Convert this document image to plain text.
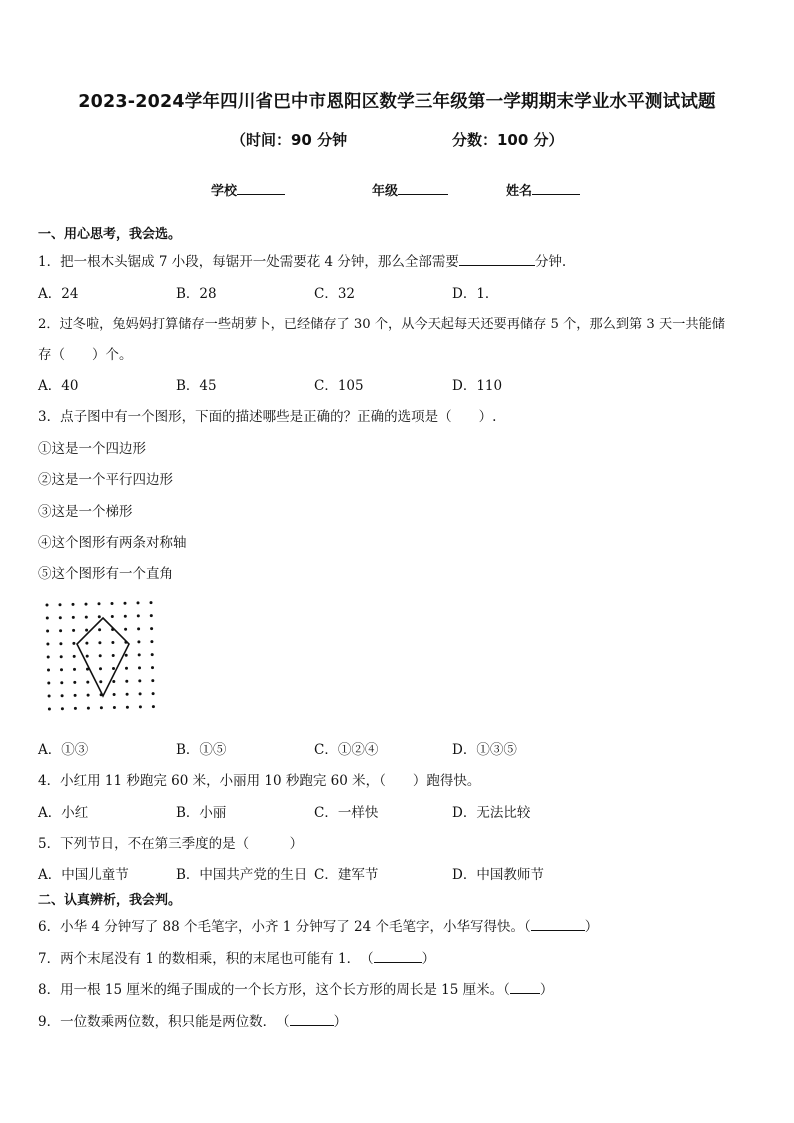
2023-2024学年四川省巴中市恩阳区数学三年级第一学期期末学业水平测试试题
（时间：90 分钟	分数：100 分）
学校	年级	姓名
一、用心思考，我会选。
1．把一根木头锯成 7 小段，每锯开一处需要花 4 分钟，那么全部需要	分钟.
A．24	B．28	C．32	D．1．
2．过冬啦，兔妈妈打算储存一些胡萝卜，已经储存了 30 个，从今天起每天还要再储存 5 个，那么到第 3 天一共能储
存（　　）个。
A．40	B．45	C．105	D．110
3．点子图中有一个图形，下面的描述哪些是正确的？正确的选项是（　　）.
①这是一个四边形
②这是一个平行四边形
③这是一个梯形
④这个图形有两条对称轴
⑤这个图形有一个直角
A．①③	B．①⑤	C．①②④	D．①③⑤
4．小红用 11 秒跑完 60 米，小丽用 10 秒跑完 60 米，（　　）跑得快。
A．小红	B．小丽	C．一样快	D．无法比较
5．下列节日，不在第三季度的是（　　　）
A．中国儿童节	B．中国共产党的生日 C．建军节	D．中国教师节
二、认真辨析，我会判。
6．小华 4 分钟写了 88 个毛笔字，小齐 1 分钟写了 24 个毛笔字，小华写得快。（	）
7．两个末尾没有 1 的数相乘，积的末尾也可能有 1．　（	）
8．用一根 15 厘米的绳子围成的一个长方形，这个长方形的周长是 15 厘米。（ ）
9．一位数乘两位数，积只能是两位数．　（	）
